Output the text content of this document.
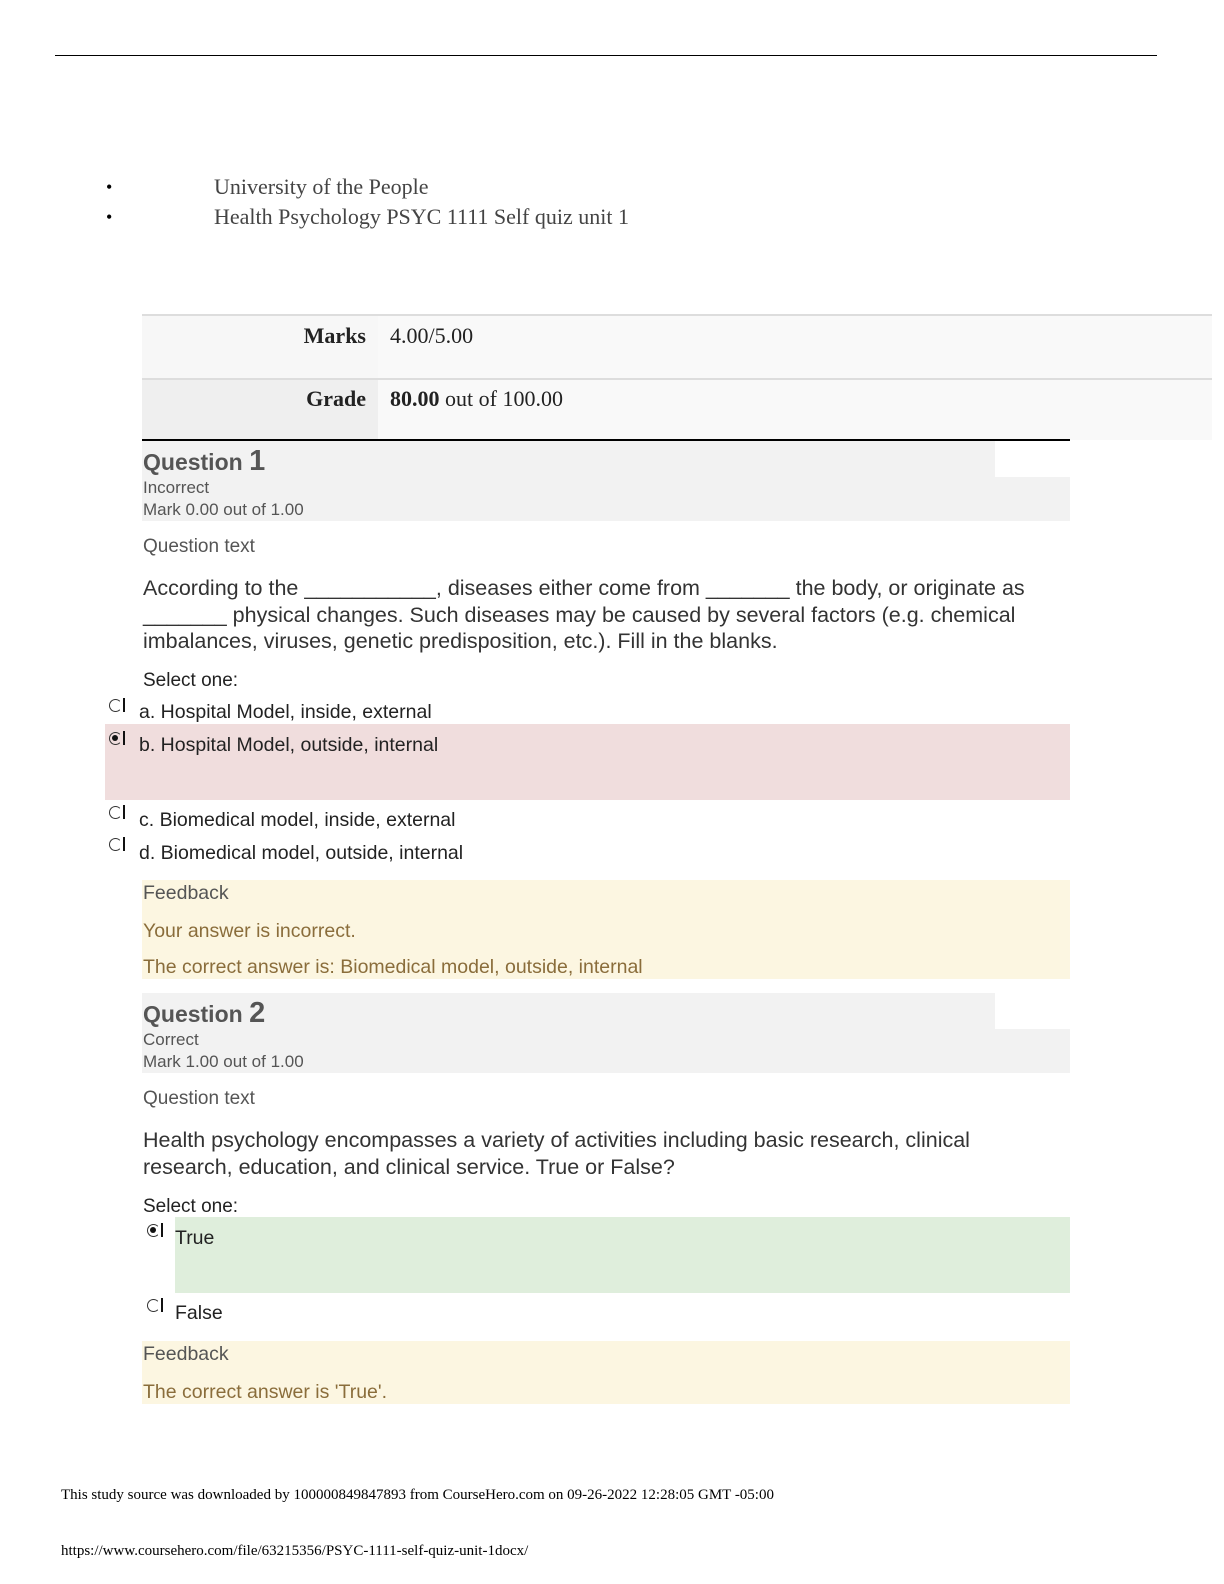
•	University of the People
•	Health Psychology PSYC 1111 Self quiz unit 1
Marks	4.00/5.00
Grade	80.00 out of 100.00
Question 1
Incorrect
Mark 0.00 out of 1.00
Question text
According to the ___________, diseases either come from _______ the body, or originate as _______ physical changes. Such diseases may be caused by several factors (e.g. chemical imbalances, viruses, genetic predisposition, etc.). Fill in the blanks.
Select one:
a. Hospital Model, inside, external
b. Hospital Model, outside, internal
c. Biomedical model, inside, external
d. Biomedical model, outside, internal
Feedback
Your answer is incorrect.
The correct answer is: Biomedical model, outside, internal
Question 2
Correct
Mark 1.00 out of 1.00
Question text
Health psychology encompasses a variety of activities including basic research, clinical research, education, and clinical service. True or False?
Select one:
True
False
Feedback
The correct answer is 'True'.
This study source was downloaded by 100000849847893 from CourseHero.com on 09-26-2022 12:28:05 GMT -05:00
https://www.coursehero.com/file/63215356/PSYC-1111-self-quiz-unit-1docx/
